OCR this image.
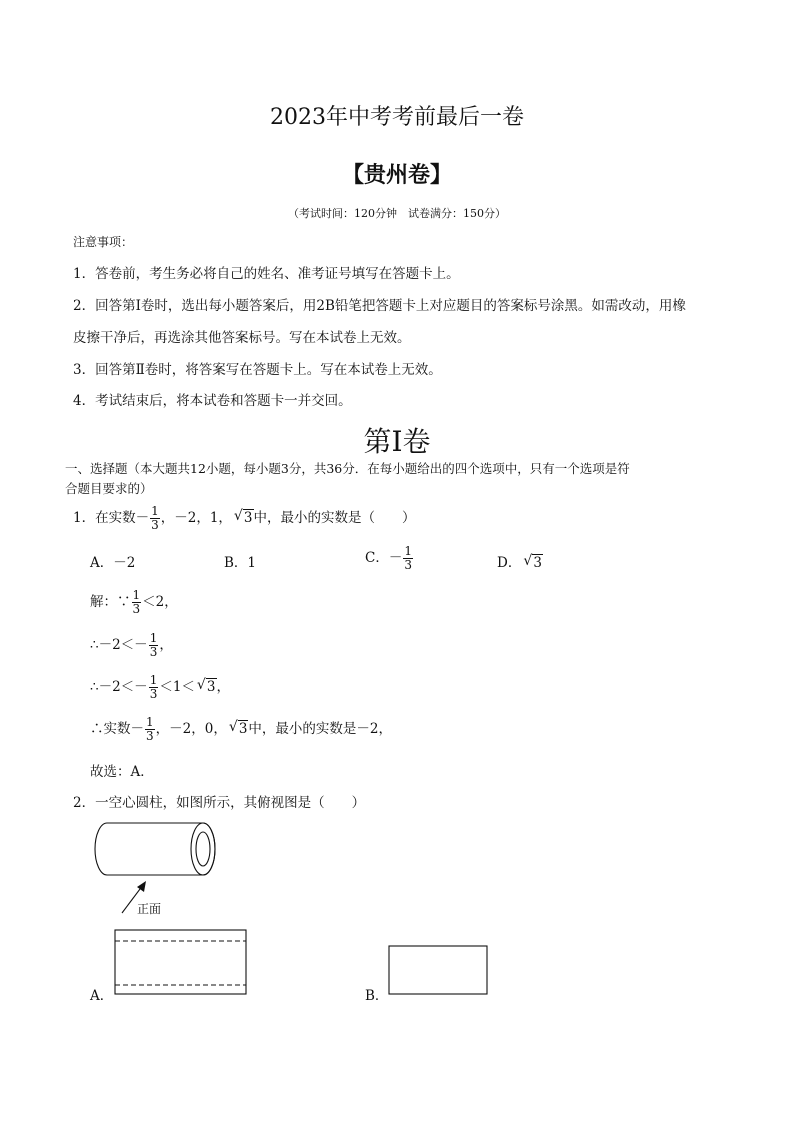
2023年中考考前最后一卷
【贵州卷】
（考试时间：120分钟　试卷满分：150分）
注意事项：
1．答卷前，考生务必将自己的姓名、准考证号填写在答题卡上。
2．回答第Ⅰ卷时，选出每小题答案后，用2B铅笔把答题卡上对应题目的答案标号涂黑。如需改动，用橡
皮擦干净后，再选涂其他答案标号。写在本试卷上无效。
3．回答第Ⅱ卷时，将答案写在答题卡上。写在本试卷上无效。
4．考试结束后，将本试卷和答题卡一并交回。
第Ⅰ卷
一、选择题（本大题共12小题，每小题3分，共36分．在每小题给出的四个选项中，只有一个选项是符
合题目要求的）
1．在实数－ $\frac{1}{3}$ ，－2，1， √ 3中，最小的实数是（　　）
A．－2	B．1	C．－ $\frac{1}{3}$	D． √ 3
解：∵ $\frac{1}{3} <2$，
∴－2＜－ $\frac{1}{3}$ ，
∴－2＜－ $\frac{1}{3} <1<$ √ 3，
∴实数－ $\frac{1}{3}$ ，－2，0， √ 3中，最小的实数是－2，
故选：A．
2．一空心圆柱，如图所示，其俯视图是（　　）
正面
A．	B．
